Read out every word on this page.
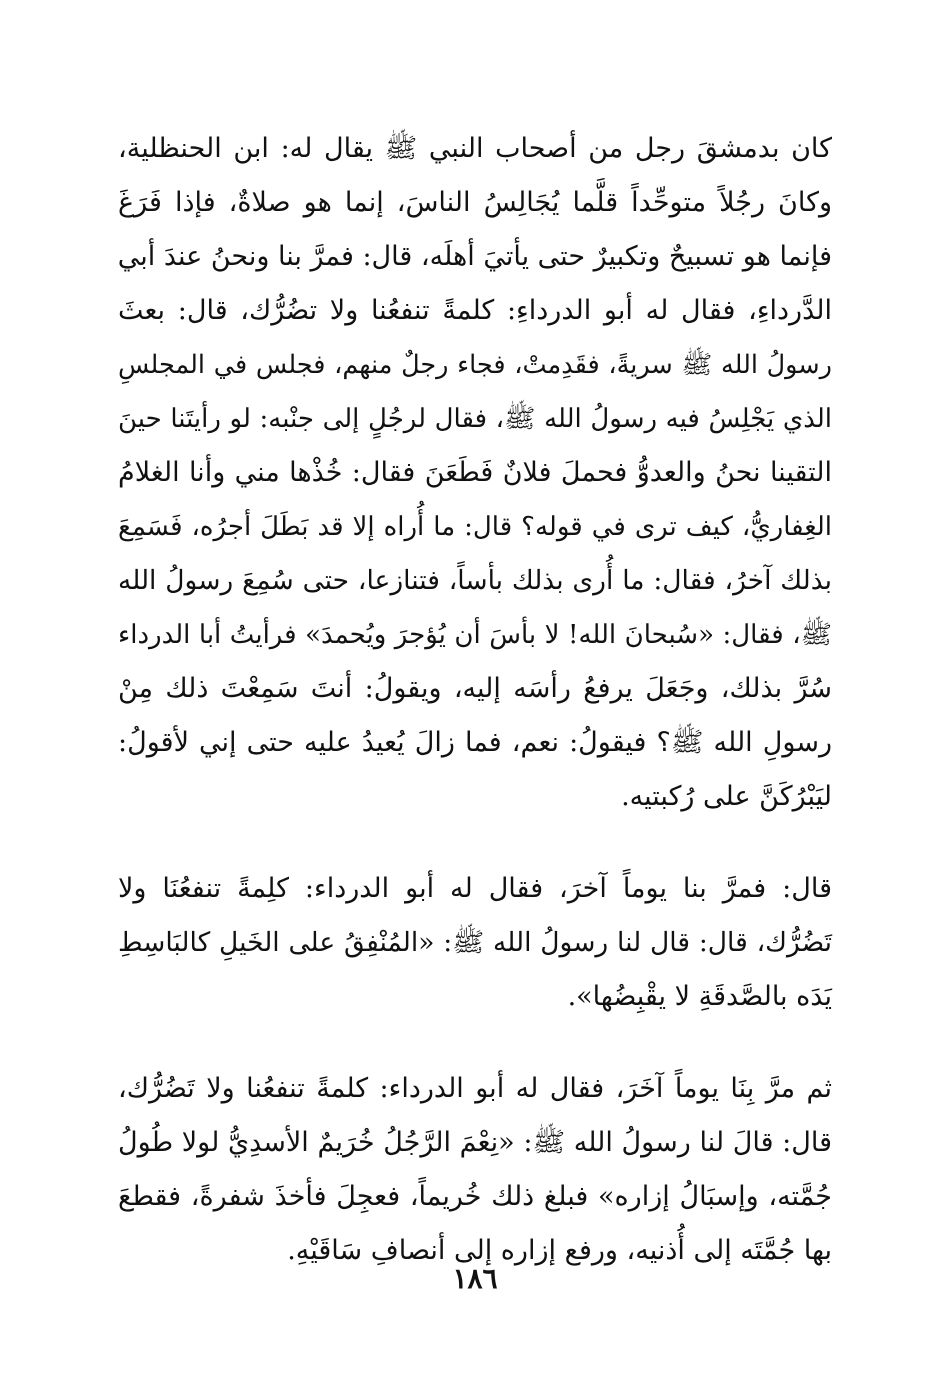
كان بدمشقَ رجل من أصحاب النبي ﷺ يقال له: ابن الحنظلية،
وكانَ رجُلاً متوحِّداً قلَّما يُجَالِسُ الناسَ، إنما هو صلاةٌ، فإذا فَرَغَ
فإنما هو تسبيحٌ وتكبيرٌ حتى يأتيَ أهلَه، قال: فمرَّ بنا ونحنُ عندَ أبي
الدَّرداءِ، فقال له أبو الدرداءِ: كلمةً تنفعُنا ولا تضُرُّك، قال: بعثَ
رسولُ الله ﷺ سريةً، فقَدِمتْ، فجاء رجلٌ منهم، فجلس في المجلسِ
الذي يَجْلِسُ فيه رسولُ الله ﷺ، فقال لرجُلٍ إلى جنْبه: لو رأيتَنا حينَ
التقينا نحنُ والعدوُّ فحملَ فلانٌ فَطَعَنَ فقال: خُذْها مني وأنا الغلامُ
الغِفاريُّ، كيف ترى في قوله؟ قال: ما أُراه إلا قد بَطَلَ أجرُه، فَسَمِعَ
بذلك آخرُ، فقال: ما أُرى بذلك بأساً، فتنازعا، حتى سُمِعَ رسولُ الله
ﷺ، فقال: «سُبحانَ الله! لا بأسَ أن يُؤجرَ ويُحمدَ» فرأيتُ أبا الدرداء
سُرَّ بذلك، وجَعَلَ يرفعُ رأسَه إليه، ويقولُ: أنتَ سَمِعْتَ ذلك مِنْ
رسولِ الله ﷺ؟ فيقولُ: نعم، فما زالَ يُعيدُ عليه حتى إني لأقولُ:
ليَبْرُكَنَّ على رُكبتيه.

قال: فمرَّ بنا يوماً آخرَ، فقال له أبو الدرداء: كلِمةً تنفعُنَا ولا
تَضُرُّك، قال: قال لنا رسولُ الله ﷺ: «المُنْفِقُ على الخَيلِ كالبَاسِطِ
يَدَه بالصَّدقَةِ لا يقْبِضُها».

ثم مرَّ بِنَا يوماً آخَرَ، فقال له أبو الدرداء: كلمةً تنفعُنا ولا تَضُرُّك،
قال: قالَ لنا رسولُ الله ﷺ: «نِعْمَ الرَّجُلُ خُرَيمٌ الأسدِيُّ لولا طُولُ
جُمَّته، وإسبَالُ إزاره» فبلغ ذلك خُريماً، فعجِلَ فأخذَ شفرةً، فقطعَ
بها جُمَّتَه إلى أُذنيه، ورفع إزاره إلى أنصافِ سَاقَيْهِ.

١٨٦
